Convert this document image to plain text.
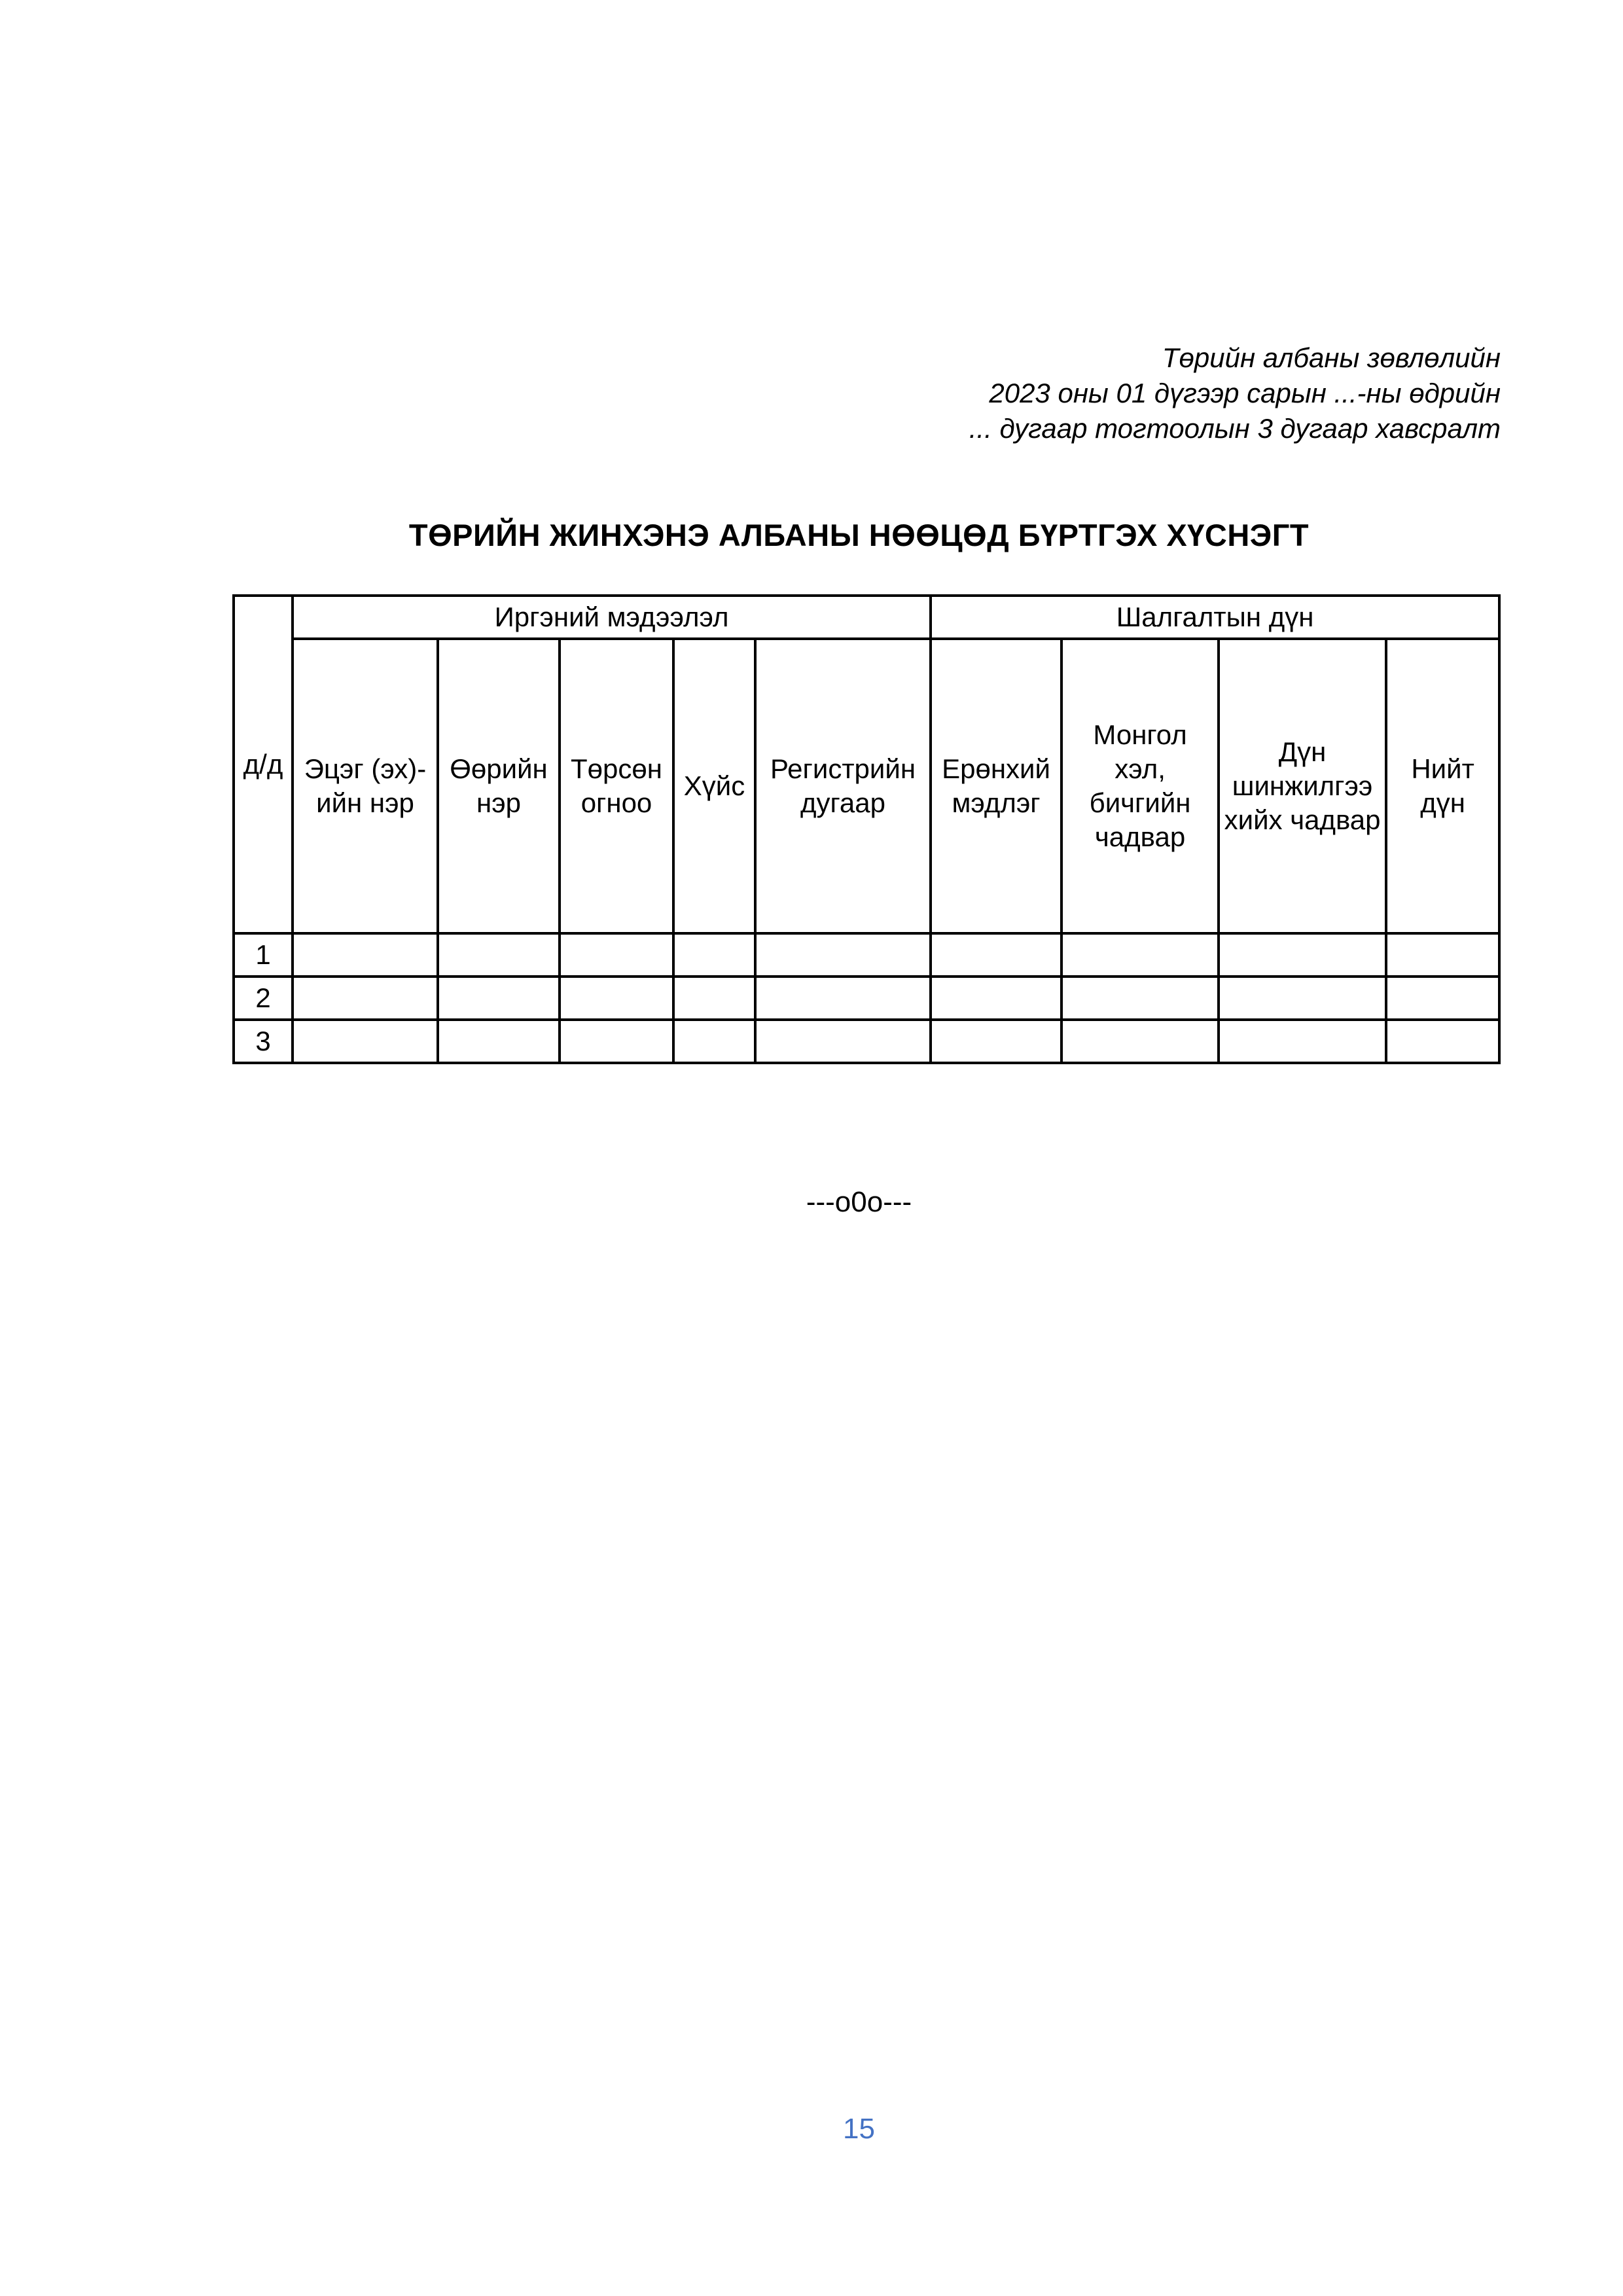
Төрийн албаны зөвлөлийн
2023 оны 01 дүгээр сарын ...-ны өдрийн
... дугаар тогтоолын 3 дугаар хавсралт
ТӨРИЙН ЖИНХЭНЭ АЛБАНЫ НӨӨЦӨД БҮРТГЭХ ХҮСНЭГТ
д/д	Иргэний мэдээлэл					Шалгалтын дүн			
	Эцэг (эх)-ийн нэр	Өөрийн нэр	Төрсөн огноо	Хүйс	Регистрийн дугаар	Ерөнхий мэдлэг	Монгол хэл, бичгийн чадвар	Дүн шинжилгээ хийх чадвар	Нийт дүн
1									
2									
3									
---o0o---
15
